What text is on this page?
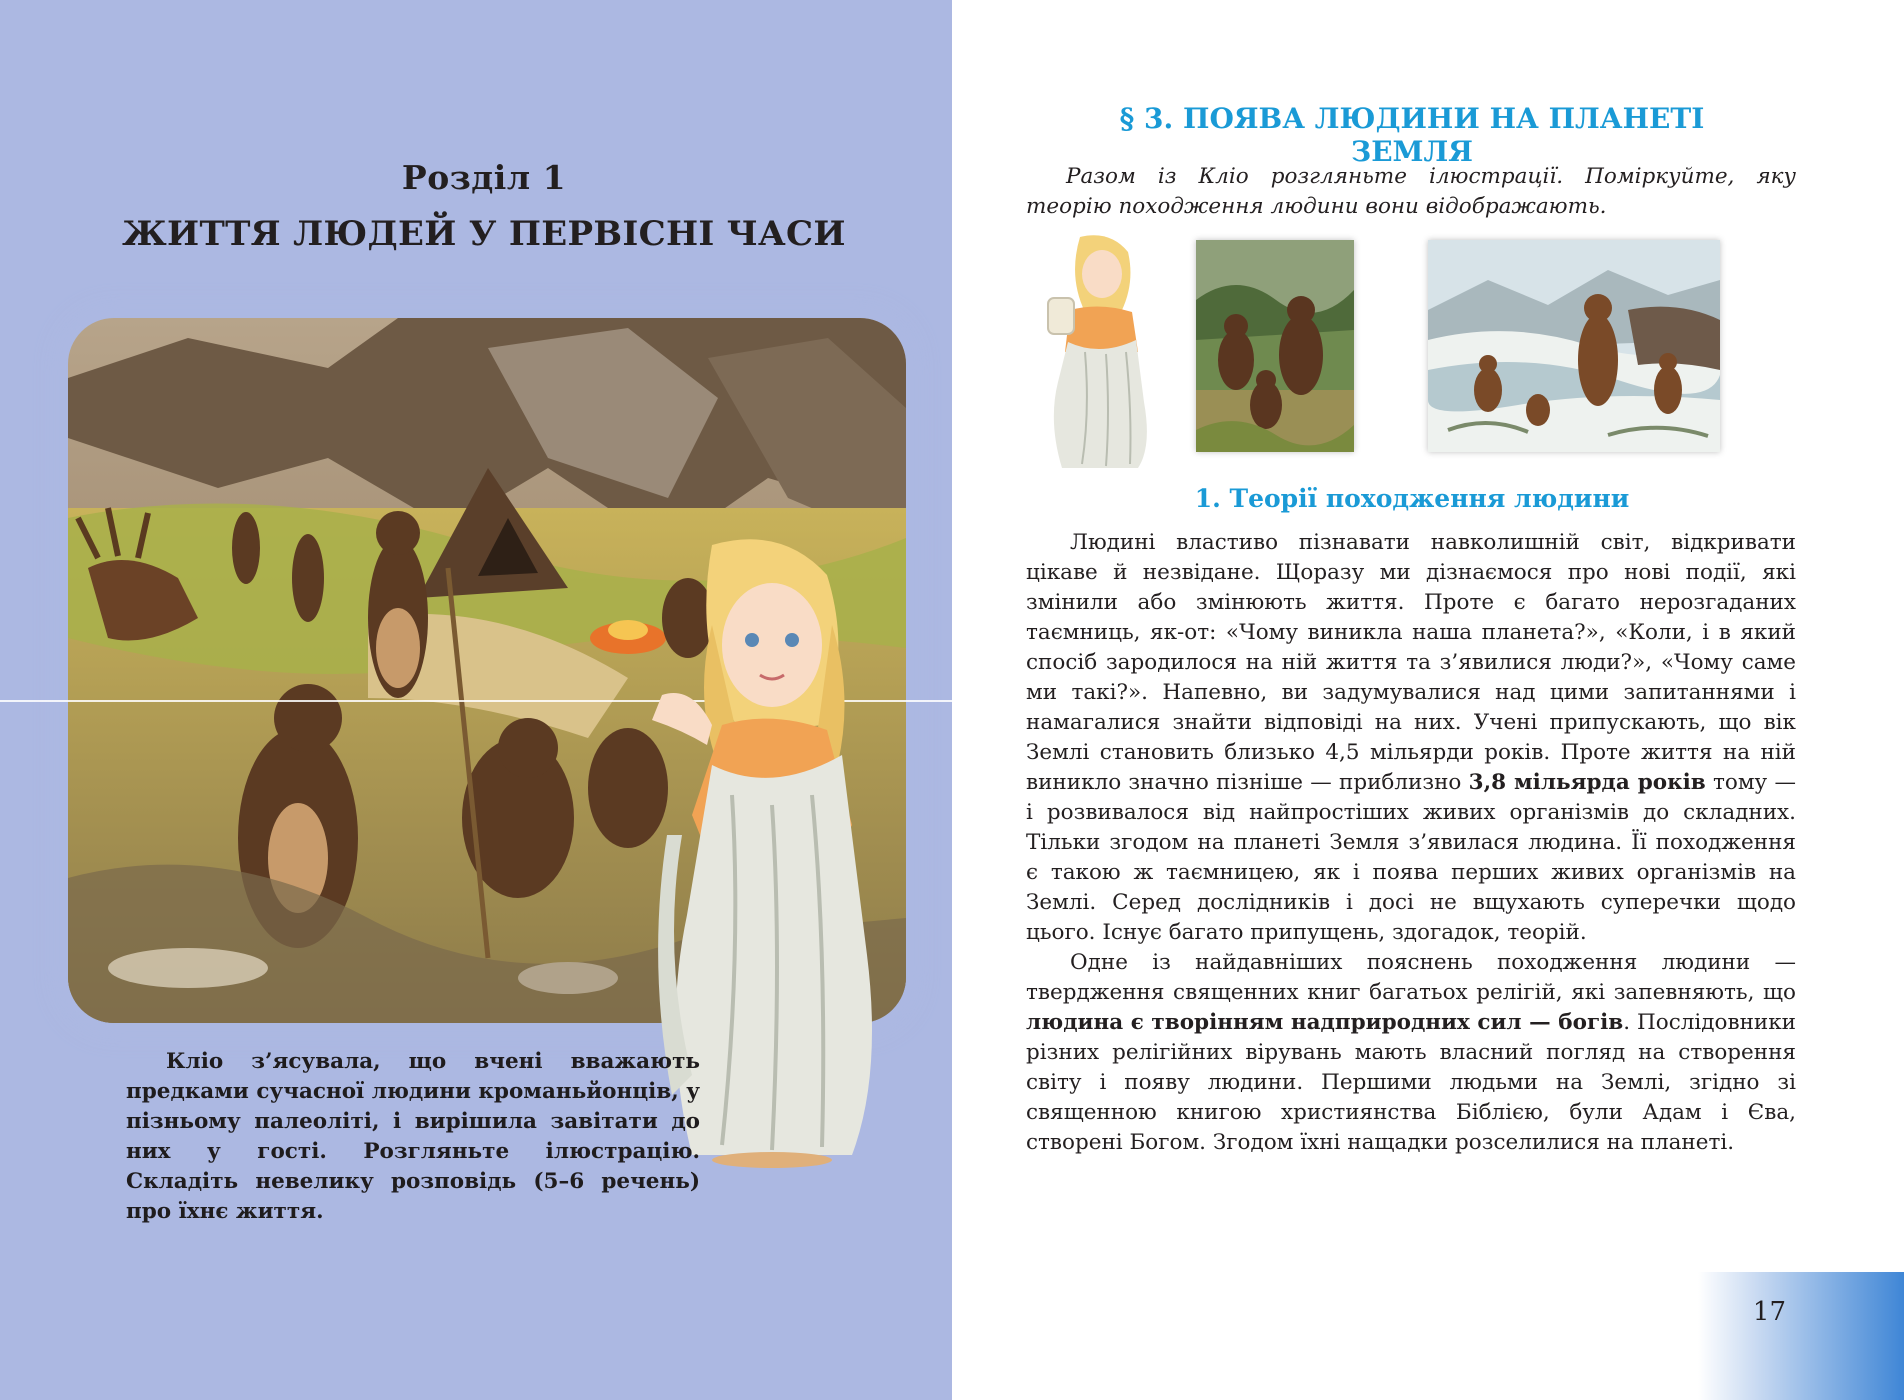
Розділ 1
ЖИТТЯ ЛЮДЕЙ У ПЕРВІСНІ ЧАСИ
Кліо з’ясувала, що вчені вважають предками сучасної людини кроманьйонців, у пізньому палеоліті, і вирішила завітати до них у гості. Розгляньте ілюстрацію. Складіть невелику розповідь (5–6 речень) про їхнє життя.
§ 3. ПОЯВА ЛЮДИНИ НА ПЛАНЕТІ ЗЕМЛЯ
Разом із Кліо розгляньте ілюстрації. Поміркуйте, яку теорію походження людини вони відображають.
1. Теорії походження людини

Людині властиво пізнавати навколишній світ, відкривати цікаве й незвідане. Щоразу ми дізнаємося про нові події, які змінили або змінюють життя. Проте є багато нерозгаданих таємниць, як-от: «Чому виникла наша планета?», «Коли, і в який спосіб зародилося на ній життя та з’явилися люди?», «Чому саме ми такі?». Напевно, ви задумувалися над цими запитаннями і намагалися знайти відповіді на них. Учені припускають, що вік Землі становить близько 4,5 мільярди років. Проте життя на ній виникло значно пізніше — приблизно 3,8 мільярда років тому — і розвивалося від найпростіших живих організмів до складних. Тільки згодом на планеті Земля з’явилася людина. Її походження є такою ж таємницею, як і поява перших живих організмів на Землі. Серед дослідників і досі не вщухають суперечки щодо цього. Існує багато припущень, здогадок, теорій.

Одне із найдавніших пояснень походження людини — твердження священних книг багатьох релігій, які запевняють, що людина є творінням надприродних сил — богів. Послідовники різних релігійних вірувань мають власний погляд на створення світу і появу людини. Першими людьми на Землі, згідно зі священною книгою християнства Біблією, були Адам і Єва, створені Богом. Згодом їхні нащадки розселилися на планеті.

17
